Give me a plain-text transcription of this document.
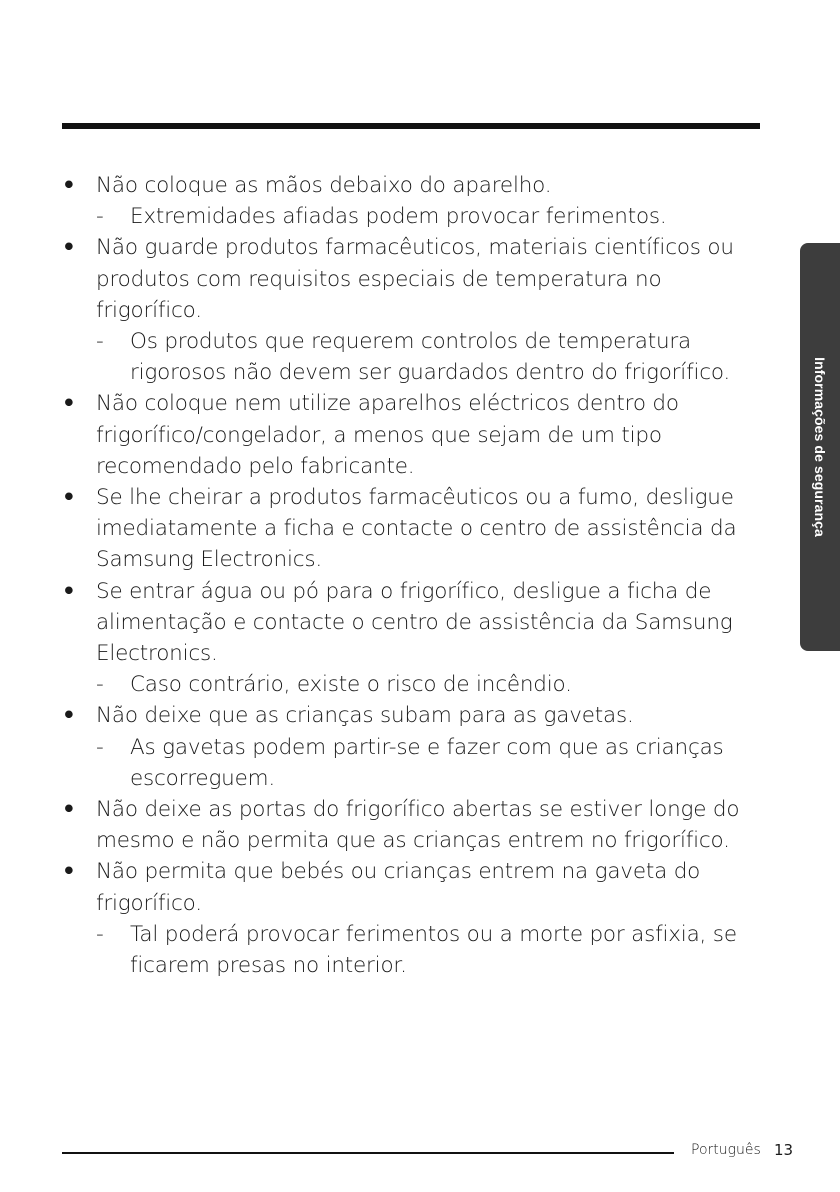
• Não coloque as mãos debaixo do aparelho.
- Extremidades afiadas podem provocar ferimentos.
• Não guarde produtos farmacêuticos, materiais científicos ou produtos com requisitos especiais de temperatura no frigorífico.
- Os produtos que requerem controlos de temperatura rigorosos não devem ser guardados dentro do frigorífico.
• Não coloque nem utilize aparelhos eléctricos dentro do frigorífico/congelador, a menos que sejam de um tipo recomendado pelo fabricante.
• Se lhe cheirar a produtos farmacêuticos ou a fumo, desligue imediatamente a ficha e contacte o centro de assistência da Samsung Electronics.
• Se entrar água ou pó para o frigorífico, desligue a ficha de alimentação e contacte o centro de assistência da Samsung Electronics.
- Caso contrário, existe o risco de incêndio.
• Não deixe que as crianças subam para as gavetas.
- As gavetas podem partir-se e fazer com que as crianças escorreguem.
• Não deixe as portas do frigorífico abertas se estiver longe do mesmo e não permita que as crianças entrem no frigorífico.
• Não permita que bebés ou crianças entrem na gaveta do frigorífico.
- Tal poderá provocar ferimentos ou a morte por asfixia, se ficarem presas no interior.
Informações de segurança
Português 13
